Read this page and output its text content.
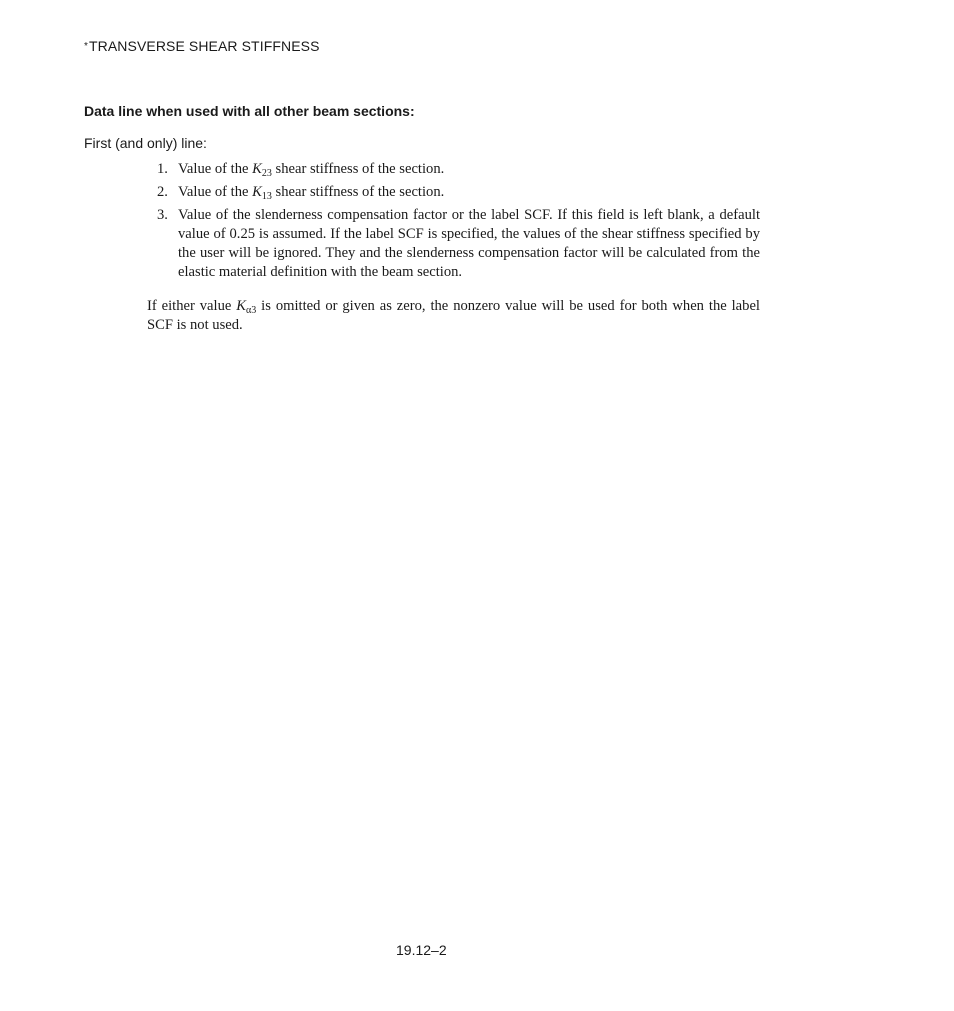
*TRANSVERSE SHEAR STIFFNESS
Data line when used with all other beam sections:
First (and only) line:
1. Value of the $K_{23}$ shear stiffness of the section.
2. Value of the $K_{13}$ shear stiffness of the section.
3. Value of the slenderness compensation factor or the label SCF. If this field is left blank, a default value of 0.25 is assumed. If the label SCF is specified, the values of the shear stiffness specified by the user will be ignored. They and the slenderness compensation factor will be calculated from the elastic material definition with the beam section.

If either value $K_{\alpha 3}$ is omitted or given as zero, the nonzero value will be used for both when the label SCF is not used.

19.12–2
